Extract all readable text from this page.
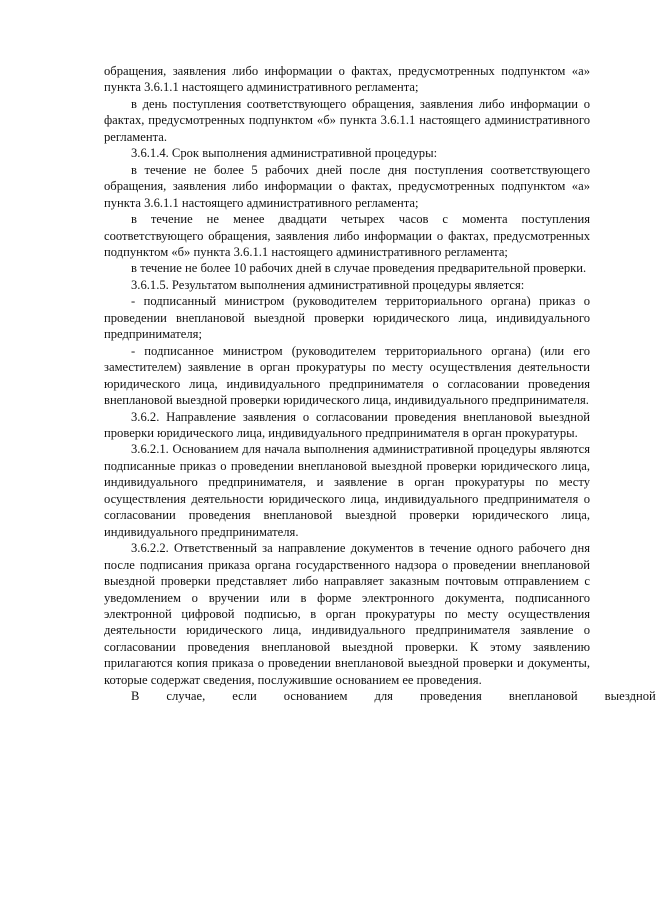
обращения, заявления либо информации о фактах, предусмотренных подпунктом «а» пункта 3.6.1.1 настоящего административного регламента;

в день поступления соответствующего обращения, заявления либо информации о фактах, предусмотренных подпунктом «б» пункта 3.6.1.1 настоящего административного регламента.

3.6.1.4. Срок выполнения административной процедуры:

в течение не более 5 рабочих дней после дня поступления соответствующего обращения, заявления либо информации о фактах, предусмотренных подпунктом «а» пункта 3.6.1.1 настоящего административного регламента;

в течение не менее двадцати четырех часов с момента поступления соответствующего обращения, заявления либо информации о фактах, предусмотренных подпунктом «б» пункта 3.6.1.1 настоящего административного регламента;

в течение не более 10 рабочих дней в случае проведения предварительной проверки.

3.6.1.5. Результатом выполнения административной процедуры является:

- подписанный министром (руководителем территориального органа) приказ о проведении внеплановой выездной проверки юридического лица, индивидуального предпринимателя;

- подписанное министром (руководителем территориального органа) (или его заместителем) заявление в орган прокуратуры по месту осуществления деятельности юридического лица, индивидуального предпринимателя о согласовании проведения внеплановой выездной проверки юридического лица, индивидуального предпринимателя.

3.6.2. Направление заявления о согласовании проведения внеплановой выездной проверки юридического лица, индивидуального предпринимателя в орган прокуратуры.

3.6.2.1. Основанием для начала выполнения административной процедуры являются подписанные приказ о проведении внеплановой выездной проверки юридического лица, индивидуального предпринимателя, и заявление в орган прокуратуры по месту осуществления деятельности юридического лица, индивидуального предпринимателя о согласовании проведения внеплановой выездной проверки юридического лица, индивидуального предпринимателя.

3.6.2.2. Ответственный за направление документов в течение одного рабочего дня после подписания приказа органа государственного надзора о проведении внеплановой выездной проверки представляет либо направляет заказным почтовым отправлением с уведомлением о вручении или в форме электронного документа, подписанного электронной цифровой подписью, в орган прокуратуры по месту осуществления деятельности юридического лица, индивидуального предпринимателя заявление о согласовании проведения внеплановой выездной проверки. К этому заявлению прилагаются копия приказа о проведении внеплановой выездной проверки и документы, которые содержат сведения, послужившие основанием ее проведения.

В	случае,	если	основанием	для	проведения	внеплановой	выездной
